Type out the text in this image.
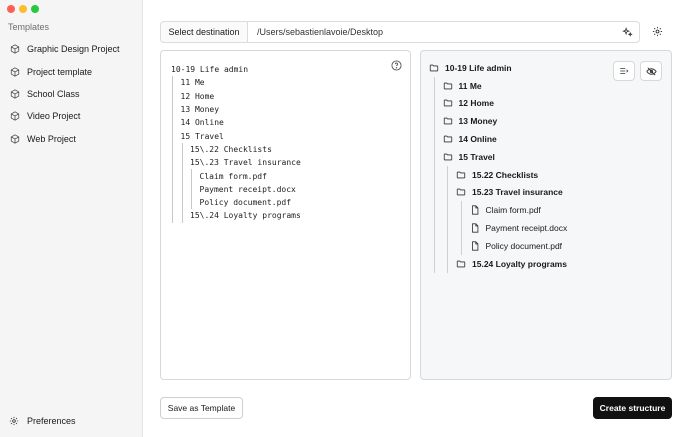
Templates
Graphic Design Project
Project template
School Class
Video Project
Web Project
Preferences
Select destination	/Users/sebastienlavoie/Desktop
10-19 Life admin
11 Me
12 Home
13 Money
14 Online
15 Travel
15\.22 Checklists
15\.23 Travel insurance
Claim form.pdf
Payment receipt.docx
Policy document.pdf
15\.24 Loyalty programs
10-19 Life admin
11 Me
12 Home
13 Money
14 Online
15 Travel
15.22 Checklists
15.23 Travel insurance
Claim form.pdf
Payment receipt.docx
Policy document.pdf
15.24 Loyalty programs
Save as Template	Create structure
